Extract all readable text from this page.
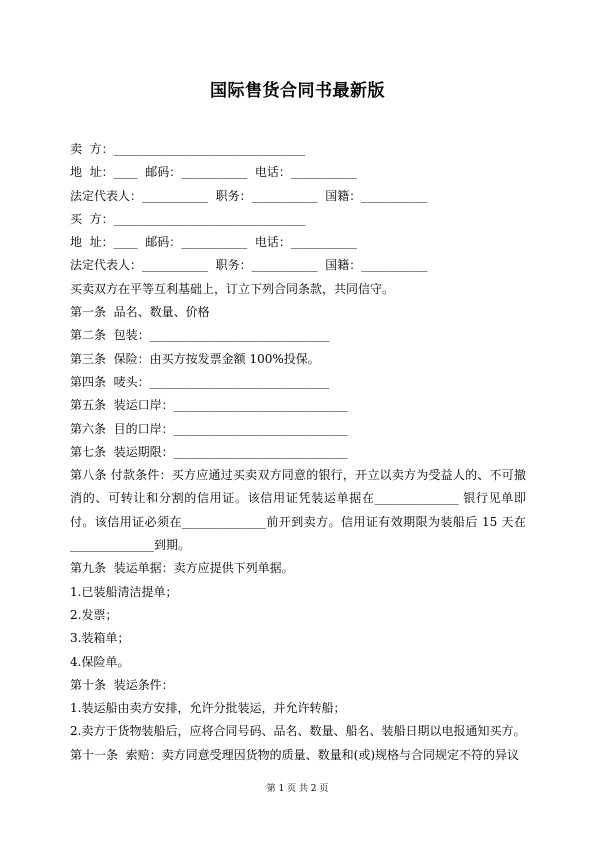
国际售货合同书最新版
卖  方：________________________________
地  址：____  邮码：___________  电话：___________
法定代表人：___________  职务：___________  国籍：___________
买  方：________________________________
地  址：____  邮码：___________  电话：___________
法定代表人：___________  职务：___________  国籍：___________
买卖双方在平等互利基础上，订立下列合同条款，共同信守。
第一条  品名、数量、价格
第二条  包装：______________________________
第三条  保险：由买方按发票金额 100%投保。
第四条  唛头：______________________________
第五条  装运口岸：_____________________________
第六条  目的口岸：_____________________________
第七条  装运期限：_____________________________
第八条 付款条件：买方应通过买卖双方同意的银行，开立以卖方为受益人的、不可撤消的、可转让和分割的信用证。该信用证凭装运单据在______________ 银行见单即付。该信用证必须在______________前开到卖方。信用证有效期限为装船后 15 天在______________到期。
第九条  装运单据：卖方应提供下列单据。
1.已装船清洁提单；
2.发票；
3.装箱单；
4.保险单。
第十条  装运条件：
1.装运船由卖方安排，允许分批装运，并允许转船；
2.卖方于货物装船后，应将合同号码、品名、数量、船名、装船日期以电报通知买方。
第十一条  索赔：卖方同意受理因货物的质量、数量和(或)规格与合同规定不符的异议
第 1 页 共 2 页
